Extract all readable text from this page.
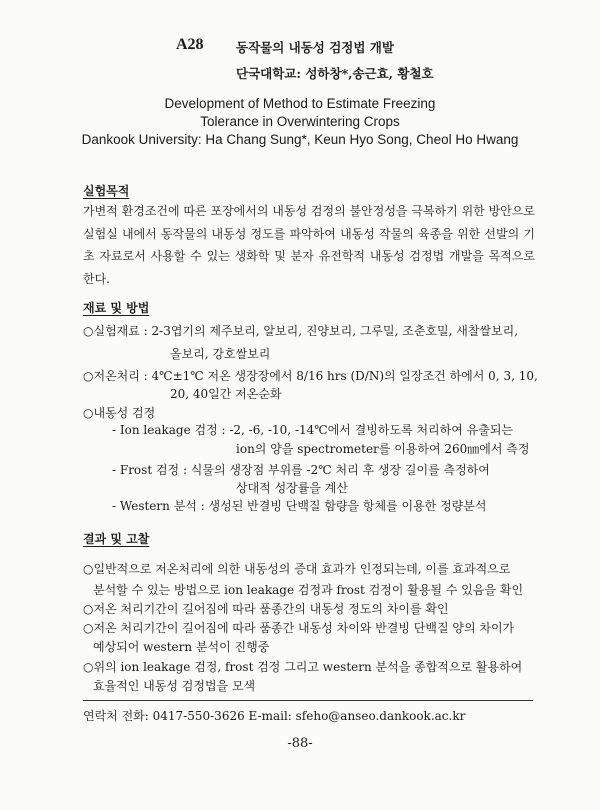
A28	동작물의 내동성 검정법 개발
단국대학교: 성하창*,송근효, 황철호
Development of Method to Estimate Freezing
Tolerance in Overwintering Crops
Dankook University: Ha Chang Sung*, Keun Hyo Song, Cheol Ho Hwang
실험목적

가변적 환경조건에 따른 포장에서의 내동성 검정의 불안정성을 극복하기 위한 방안으로 실험실 내에서 동작물의 내동성 정도를 파악하여 내동성 작물의 육종을 위한 선발의 기초 자료로서 사용할 수 있는 생화학 및 분자 유전학적 내동성 검정법 개발을 목적으로 한다.

재료 및 방법
○실험재료 : 2-3엽기의 제주보리, 알보리, 진양보리, 그루밀, 조춘호밀, 새찰쌀보리,
올보리, 강호쌀보리
○저온처리 : 4℃±1℃ 저온 생장장에서 8/16 hrs (D/N)의 일장조건 하에서 0, 3, 10,
20, 40일간 저온순화
○내동성 검정
- Ion leakage 검정 : -2, -6, -10, -14℃에서 결빙하도록 처리하여 유출되는
ion의 양을 spectrometer를 이용하여 260㎚에서 측정
- Frost 검정 : 식물의 생장점 부위를 -2℃ 처리 후 생장 길이를 측정하여
상대적 성장률을 계산
- Western 분석 : 생성된 반결빙 단백질 함량을 항체를 이용한 정량분석
결과 및 고찰
○일반적으로 저온처리에 의한 내동성의 증대 효과가 인정되는데, 이를 효과적으로
분석할 수 있는 방법으로 ion leakage 검정과 frost 검정이 활용될 수 있음을 확인
○저온 처리기간이 길어짐에 따라 품종간의 내동성 정도의 차이를 확인
○저온 처리기간이 길어짐에 따라 품종간 내동성 차이와 반결빙 단백질 양의 차이가
예상되어 western 분석이 진행중
○위의 ion leakage 검정, frost 검정 그리고 western 분석을 종합적으로 활용하여
효율적인 내동성 검정법을 모색
연락처 전화: 0417-550-3626 E-mail: sfeho@anseo.dankook.ac.kr
-88-
